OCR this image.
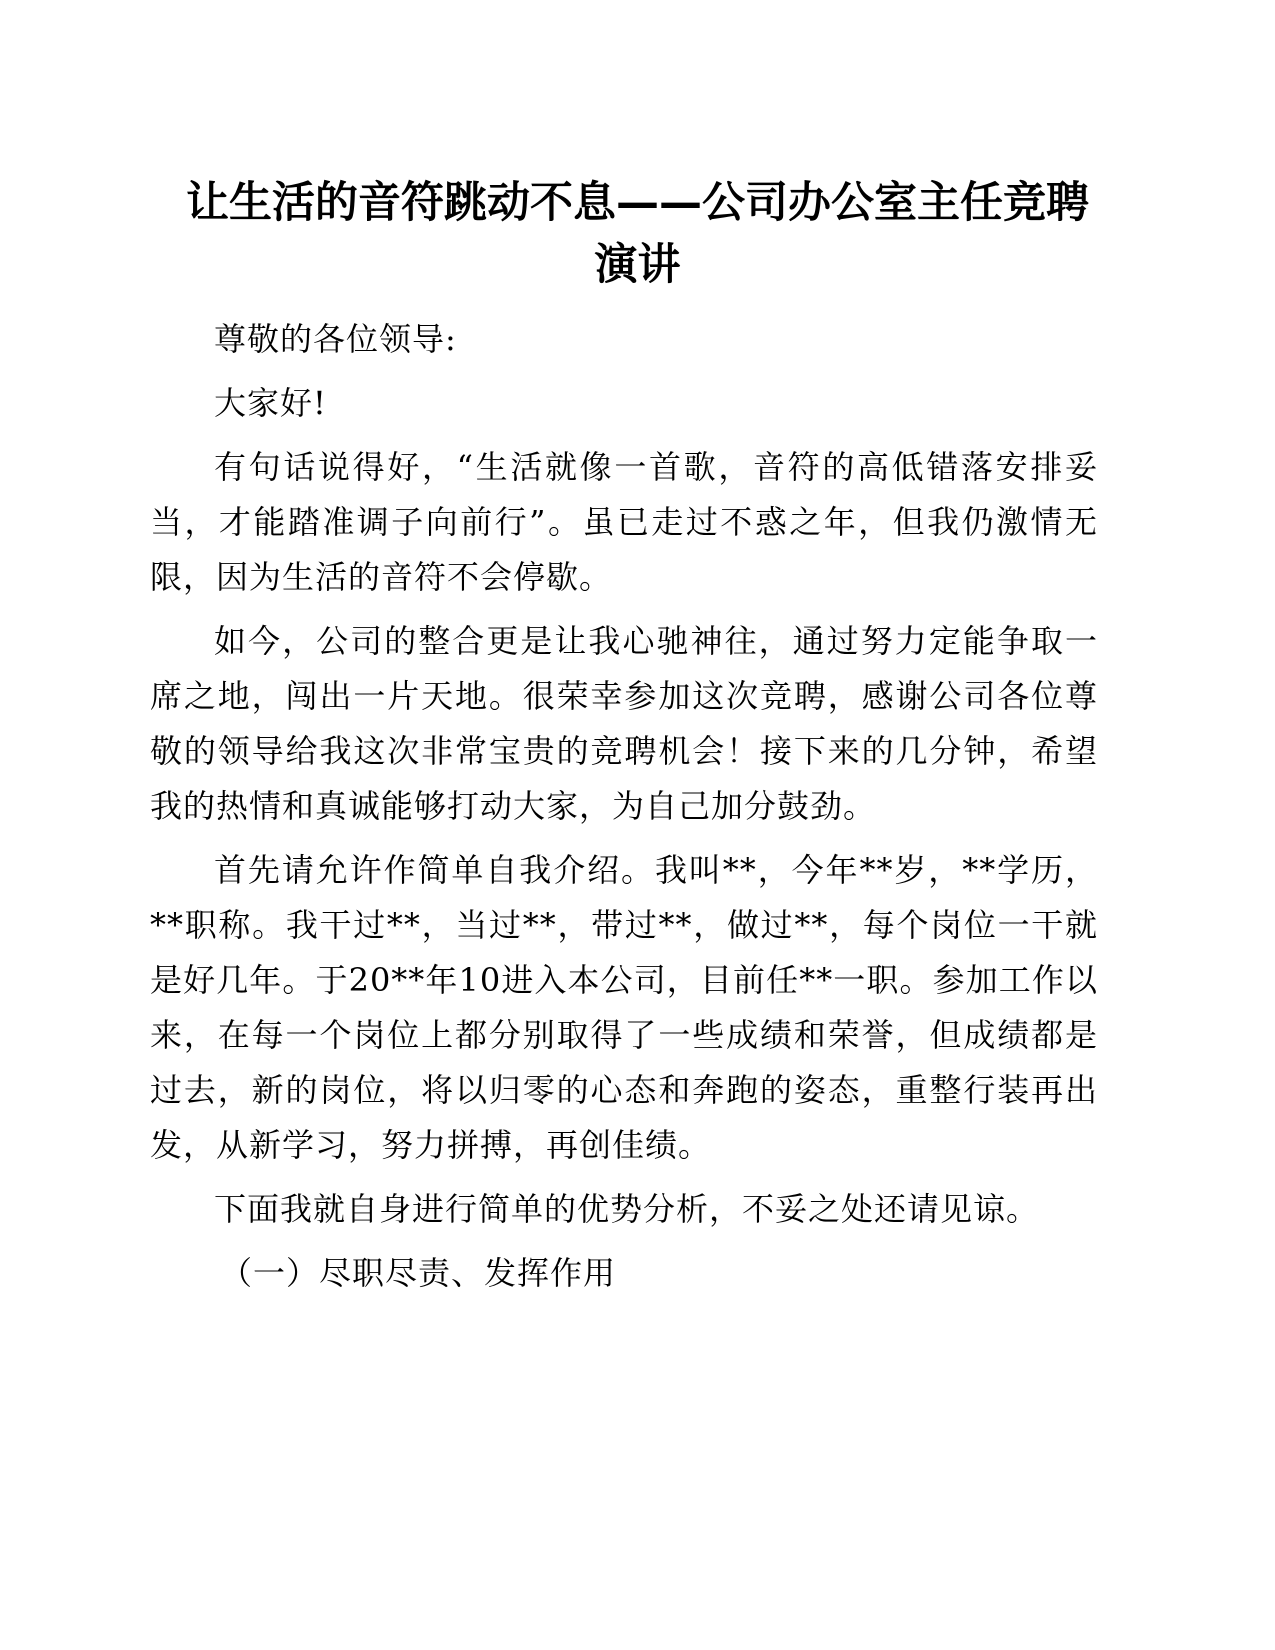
让生活的音符跳动不息——公司办公室主任竞聘
演讲

尊敬的各位领导:

大家好!

有句话说得好，“生活就像一首歌，音符的高低错落安排妥当，才能踏准调子向前行”。虽已走过不惑之年，但我仍激情无限，因为生活的音符不会停歇。

如今，公司的整合更是让我心驰神往，通过努力定能争取一席之地，闯出一片天地。很荣幸参加这次竞聘，感谢公司各位尊敬的领导给我这次非常宝贵的竞聘机会！接下来的几分钟，希望我的热情和真诚能够打动大家，为自己加分鼓劲。

首先请允许作简单自我介绍。我叫**，今年**岁，**学历，**职称。我干过**，当过**，带过**，做过**，每个岗位一干就是好几年。于20**年10进入本公司，目前任**一职。参加工作以来，在每一个岗位上都分别取得了一些成绩和荣誉，但成绩都是过去，新的岗位，将以归零的心态和奔跑的姿态，重整行装再出发，从新学习，努力拼搏，再创佳绩。

下面我就自身进行简单的优势分析，不妥之处还请见谅。

（一）尽职尽责、发挥作用
